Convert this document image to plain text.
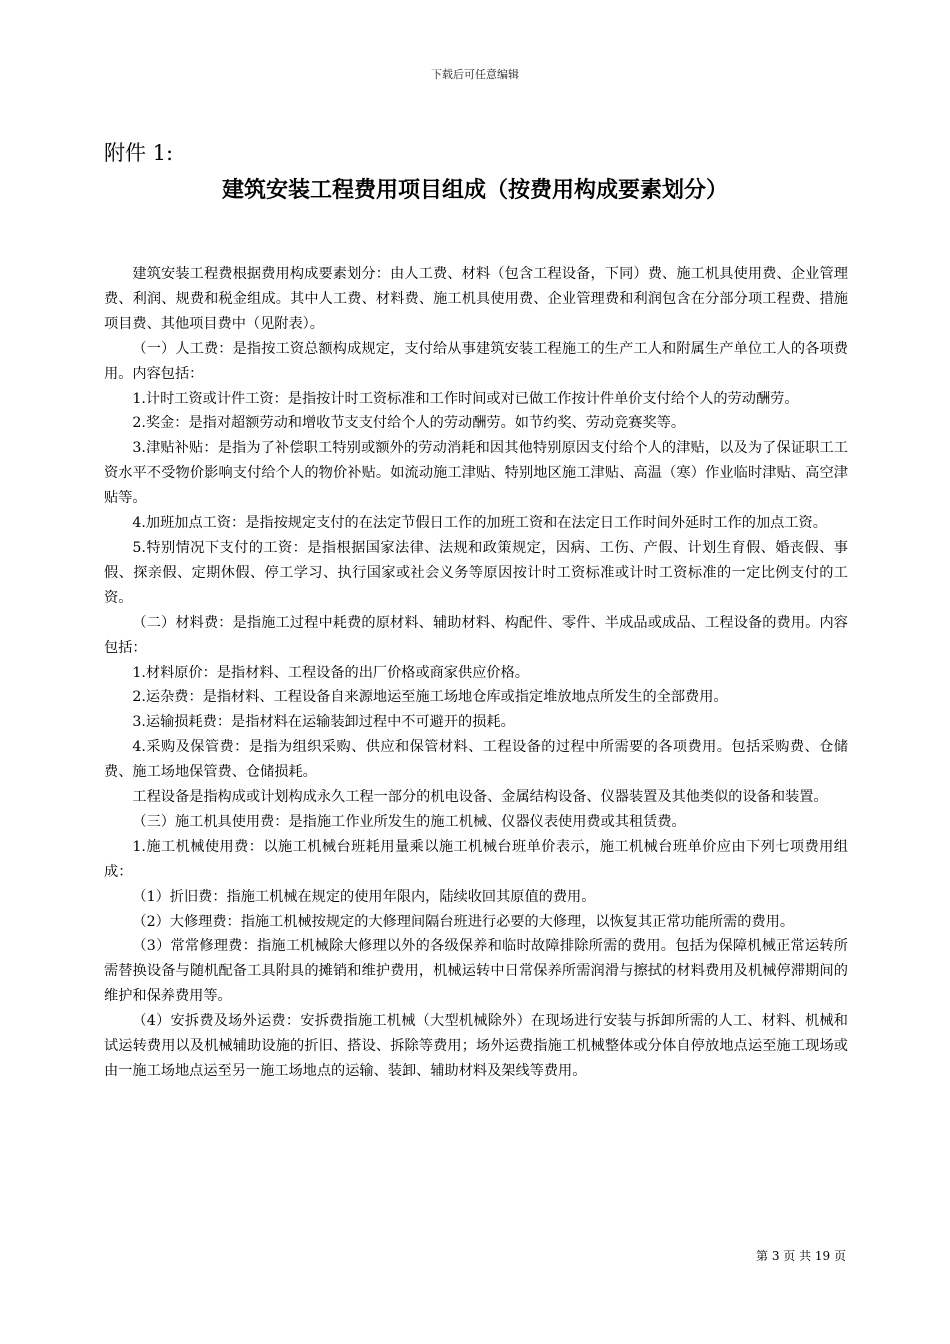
下载后可任意编辑
附件 1:
建筑安装工程费用项目组成（按费用构成要素划分）

建筑安装工程费根据费用构成要素划分：由人工费、材料（包含工程设备，下同）费、施工机具使用费、企业管理费、利润、规费和税金组成。其中人工费、材料费、施工机具使用费、企业管理费和利润包含在分部分项工程费、措施项目费、其他项目费中（见附表）。

（一）人工费：是指按工资总额构成规定，支付给从事建筑安装工程施工的生产工人和附属生产单位工人的各项费用。内容包括：

1.计时工资或计件工资：是指按计时工资标准和工作时间或对已做工作按计件单价支付给个人的劳动酬劳。

2.奖金：是指对超额劳动和增收节支支付给个人的劳动酬劳。如节约奖、劳动竞赛奖等。

3.津贴补贴：是指为了补偿职工特别或额外的劳动消耗和因其他特别原因支付给个人的津贴，以及为了保证职工工资水平不受物价影响支付给个人的物价补贴。如流动施工津贴、特别地区施工津贴、高温（寒）作业临时津贴、高空津贴等。

4.加班加点工资：是指按规定支付的在法定节假日工作的加班工资和在法定日工作时间外延时工作的加点工资。

5.特别情况下支付的工资：是指根据国家法律、法规和政策规定，因病、工伤、产假、计划生育假、婚丧假、事假、探亲假、定期休假、停工学习、执行国家或社会义务等原因按计时工资标准或计时工资标准的一定比例支付的工资。

（二）材料费：是指施工过程中耗费的原材料、辅助材料、构配件、零件、半成品或成品、工程设备的费用。内容包括：

1.材料原价：是指材料、工程设备的出厂价格或商家供应价格。

2.运杂费：是指材料、工程设备自来源地运至施工场地仓库或指定堆放地点所发生的全部费用。

3.运输损耗费：是指材料在运输装卸过程中不可避开的损耗。

4.采购及保管费：是指为组织采购、供应和保管材料、工程设备的过程中所需要的各项费用。包括采购费、仓储费、施工场地保管费、仓储损耗。

工程设备是指构成或计划构成永久工程一部分的机电设备、金属结构设备、仪器装置及其他类似的设备和装置。

（三）施工机具使用费：是指施工作业所发生的施工机械、仪器仪表使用费或其租赁费。

1.施工机械使用费：以施工机械台班耗用量乘以施工机械台班单价表示，施工机械台班单价应由下列七项费用组成：

（1）折旧费：指施工机械在规定的使用年限内，陆续收回其原值的费用。

（2）大修理费：指施工机械按规定的大修理间隔台班进行必要的大修理，以恢复其正常功能所需的费用。

（3）常常修理费：指施工机械除大修理以外的各级保养和临时故障排除所需的费用。包括为保障机械正常运转所需替换设备与随机配备工具附具的摊销和维护费用，机械运转中日常保养所需润滑与擦拭的材料费用及机械停滞期间的维护和保养费用等。

（4）安拆费及场外运费：安拆费指施工机械（大型机械除外）在现场进行安装与拆卸所需的人工、材料、机械和试运转费用以及机械辅助设施的折旧、搭设、拆除等费用；场外运费指施工机械整体或分体自停放地点运至施工现场或由一施工场地点运至另一施工场地点的运输、装卸、辅助材料及架线等费用。

第 3 页 共 19 页
